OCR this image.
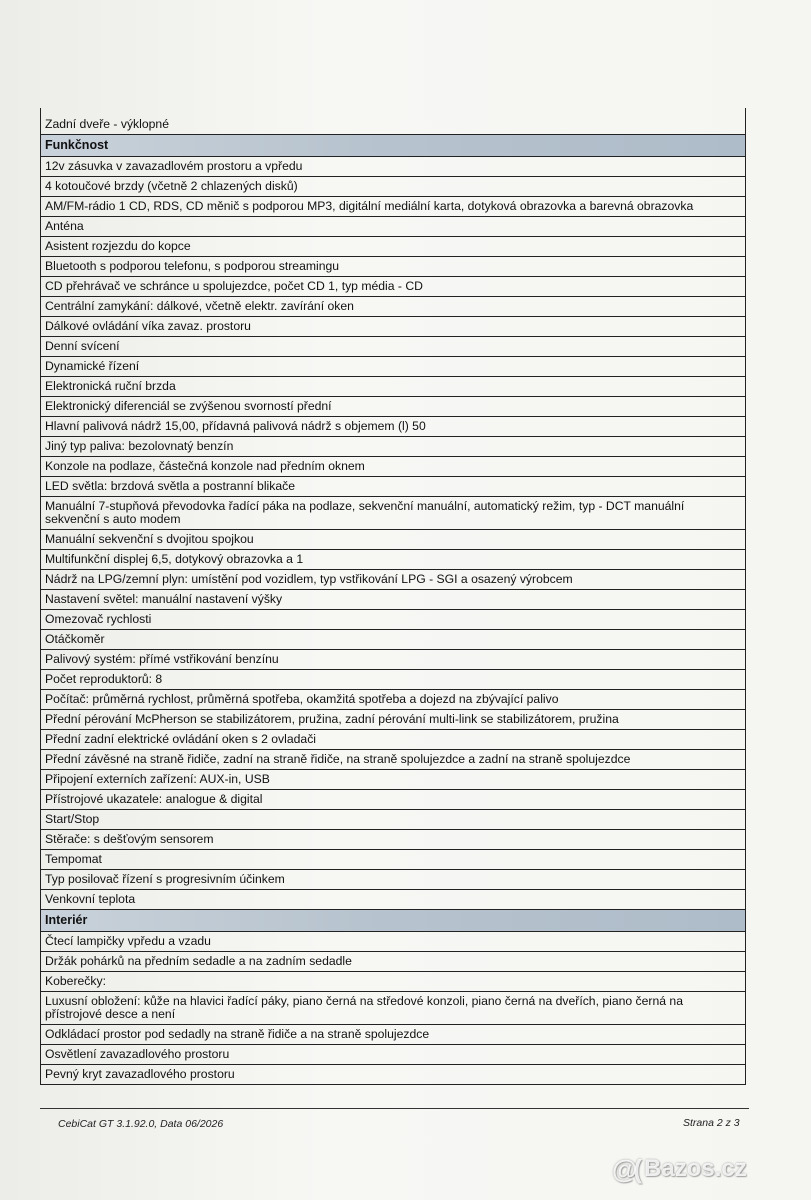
Zadní dveře - výklopné
Funkčnost
12v zásuvka v zavazadlovém prostoru a vpředu
4 kotoučové brzdy (včetně 2 chlazených disků)
AM/FM-rádio 1 CD, RDS, CD měnič s podporou MP3, digitální mediální karta, dotyková obrazovka a barevná obrazovka
Anténa
Asistent rozjezdu do kopce
Bluetooth s podporou telefonu, s podporou streamingu
CD přehrávač ve schránce u spolujezdce, počet CD 1, typ média - CD
Centrální zamykání: dálkové, včetně elektr. zavírání oken
Dálkové ovládání víka zavaz. prostoru
Denní svícení
Dynamické řízení
Elektronická ruční brzda
Elektronický diferenciál se zvýšenou svorností přední
Hlavní palivová nádrž 15,00, přídavná palivová nádrž s objemem (l) 50
Jiný typ paliva: bezolovnatý benzín
Konzole na podlaze, částečná konzole nad předním oknem
LED světla: brzdová světla a postranní blikače
Manuální 7-stupňová převodovka řadící páka na podlaze, sekvenční manuální, automatický režim, typ - DCT manuální sekvenční s auto modem
Manuální sekvenční s dvojitou spojkou
Multifunkční displej 6,5, dotykový obrazovka a 1
Nádrž na LPG/zemní plyn: umístění pod vozidlem, typ vstřikování LPG - SGI a osazený výrobcem
Nastavení světel: manuální nastavení výšky
Omezovač rychlosti
Otáčkoměr
Palivový systém: přímé vstřikování benzínu
Počet reproduktorů: 8
Počítač: průměrná rychlost, průměrná spotřeba, okamžitá spotřeba a dojezd na zbývající palivo
Přední pérování McPherson se stabilizátorem, pružina, zadní pérování multi-link se stabilizátorem, pružina
Přední zadní elektrické ovládání oken s 2 ovladači
Přední závěsné na straně řidiče, zadní na straně řidiče, na straně spolujezdce a zadní na straně spolujezdce
Připojení externích zařízení: AUX-in, USB
Přístrojové ukazatele: analogue & digital
Start/Stop
Stěrače: s dešťovým sensorem
Tempomat
Typ posilovač řízení s progresivním účinkem
Venkovní teplota
Interiér
Čtecí lampičky vpředu a vzadu
Držák pohárků na předním sedadle a na zadním sedadle
Koberečky:
Luxusní obložení: kůže na hlavici řadící páky, piano černá na středové konzoli, piano černá na dveřích, piano černá na přístrojové desce a není
Odkládací prostor pod sedadly na straně řidiče a na straně spolujezdce
Osvětlení zavazadlového prostoru
Pevný kryt zavazadlového prostoru
CebiCat GT 3.1.92.0, Data 06/2026	Strana 2 z 3
@( Bazos.cz
